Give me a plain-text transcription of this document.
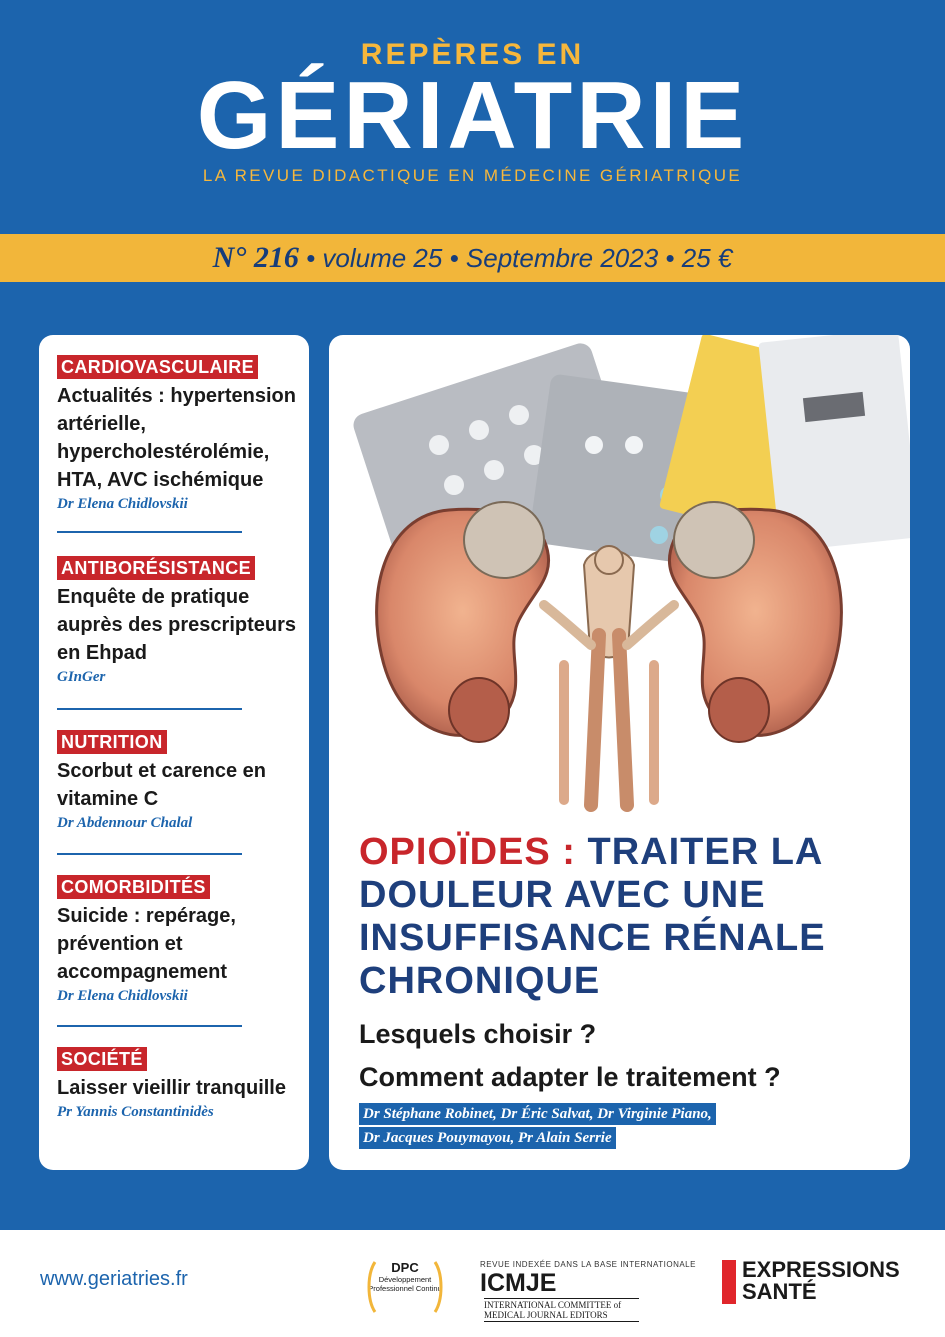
REPÈRES EN
GÉRIATRIE
LA REVUE DIDACTIQUE EN MÉDECINE GÉRIATRIQUE
N° 216 • volume 25 • Septembre 2023 • 25 €
CARDIOVASCULAIRE
Actualités : hypertension artérielle, hypercholestérolémie, HTA, AVC ischémique
Dr Elena Chidlovskii
ANTIBORÉSISTANCE
Enquête de pratique auprès des prescripteurs en Ehpad
GInGer
NUTRITION
Scorbut et carence en vitamine C
Dr Abdennour Chalal
COMORBIDITÉS
Suicide : repérage, prévention et accompagnement
Dr Elena Chidlovskii
SOCIÉTÉ
Laisser vieillir tranquille
Pr Yannis Constantinidès
OPIOÏDES : TRAITER LA DOULEUR AVEC UNE INSUFFISANCE RÉNALE CHRONIQUE
Lesquels choisir ?
Comment adapter le traitement ?
Dr Stéphane Robinet, Dr Éric Salvat, Dr Virginie Piano,
Dr Jacques Pouymayou, Pr Alain Serrie
www.geriatries.fr
DPC
Développement Professionnel Continu
REVUE INDEXÉE DANS LA BASE INTERNATIONALE
ICMJEINTERNATIONAL COMMITTEE of MEDICAL JOURNAL EDITORS
EXPRESSIONS
SANTÉ
